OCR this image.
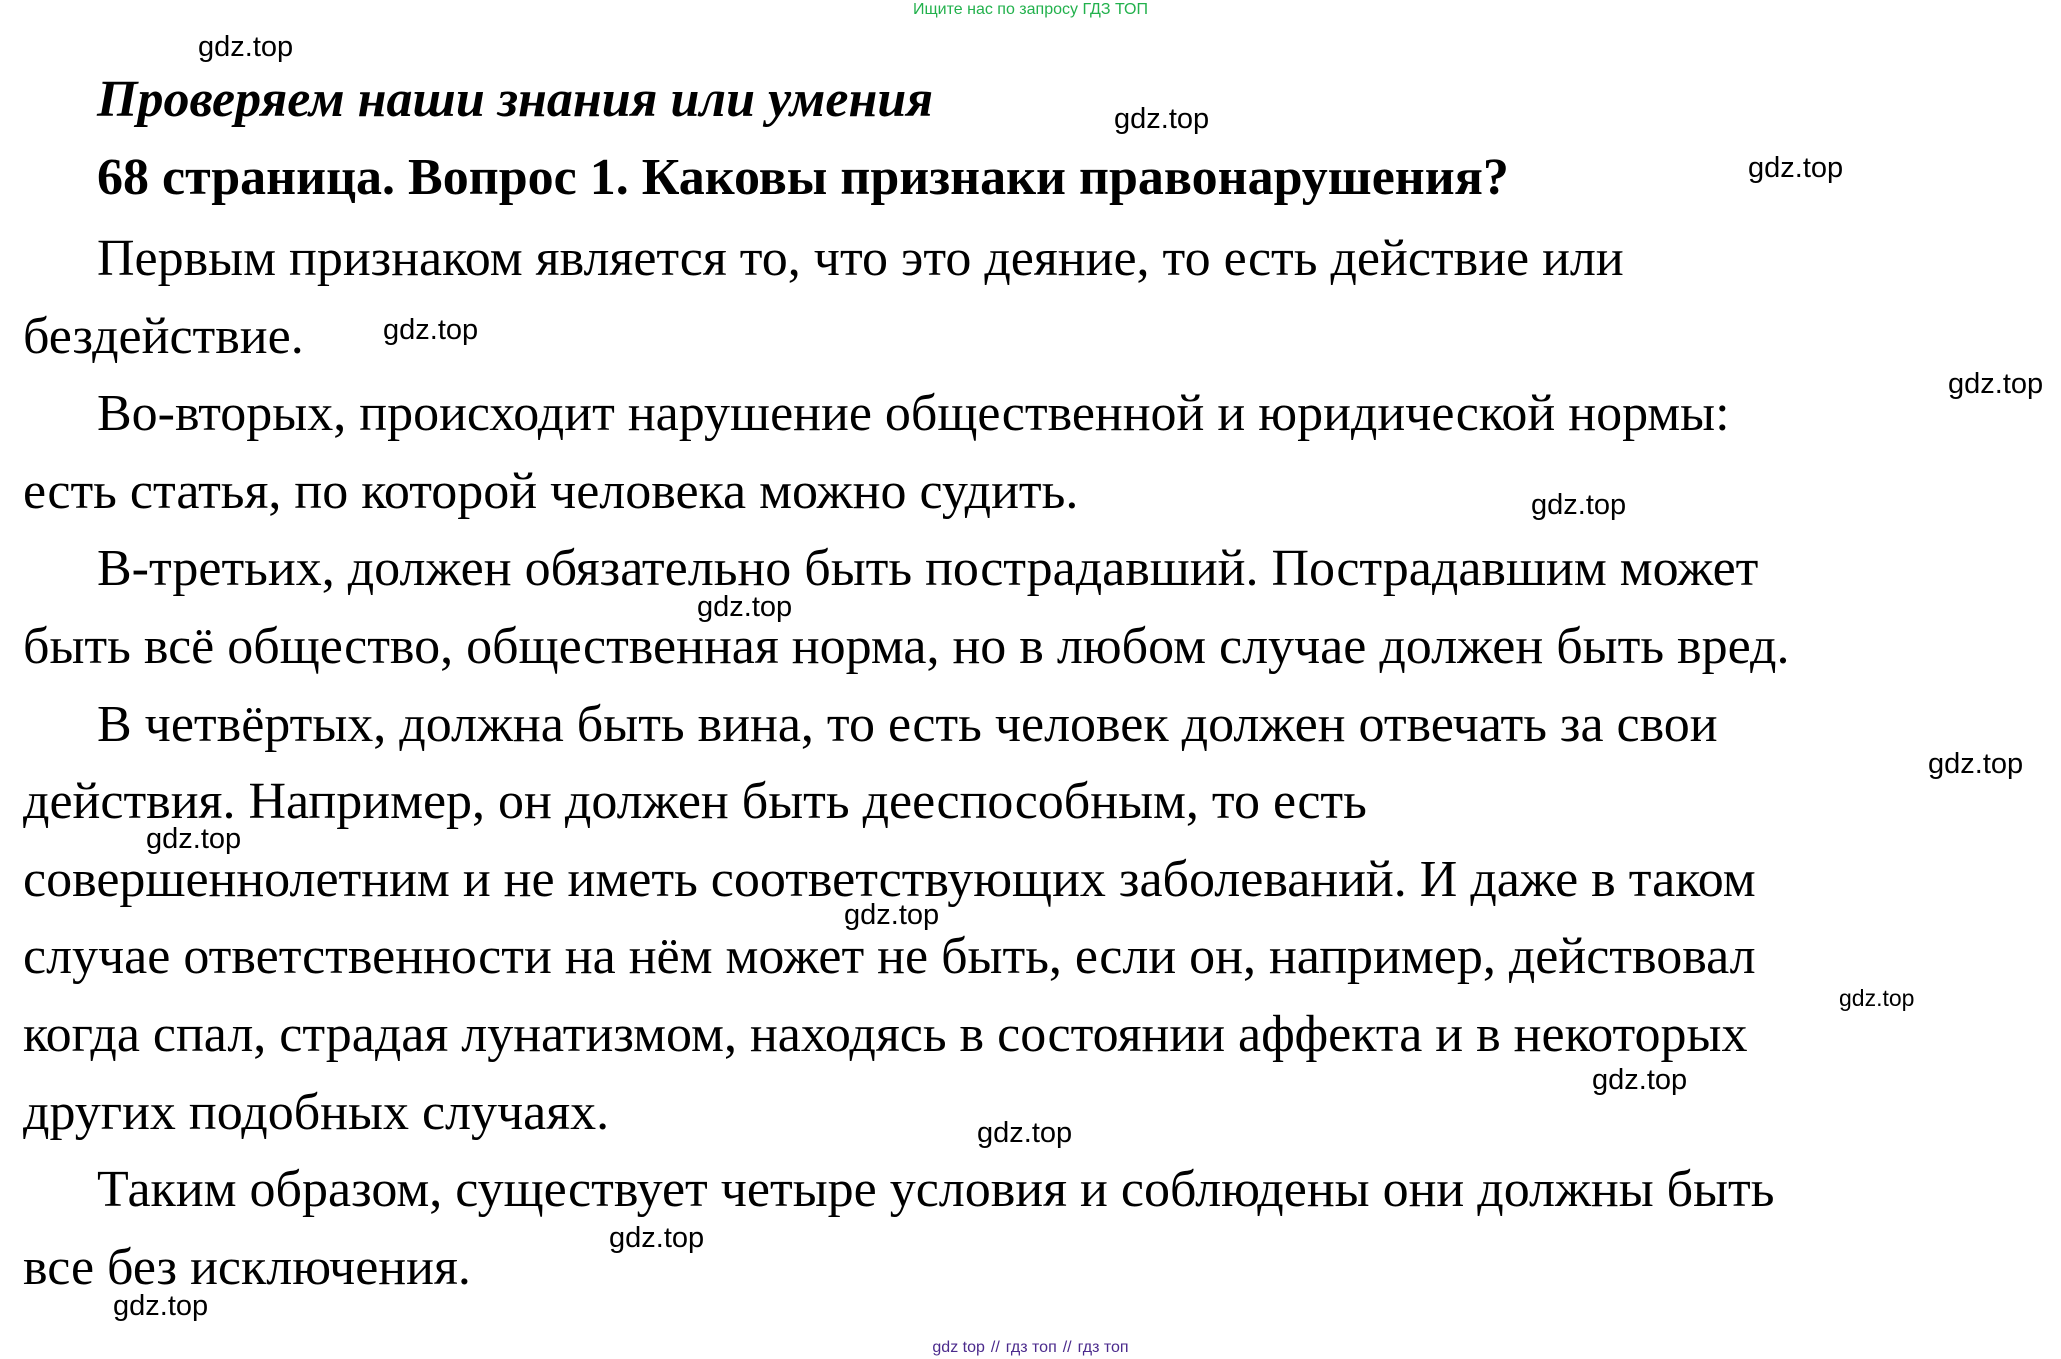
Ищите нас по запросу ГДЗ ТОП
Проверяем наши знания или умения
68 страница. Вопрос 1. Каковы признаки правонарушения?
Первым признаком является то, что это деяние, то есть действие или
бездействие.
Во-вторых, происходит нарушение общественной и юридической нормы:
есть статья, по которой человека можно судить.
В-третьих, должен обязательно быть пострадавший. Пострадавшим может
быть всё общество, общественная норма, но в любом случае должен быть вред.
В четвёртых, должна быть вина, то есть человек должен отвечать за свои
действия. Например, он должен быть дееспособным, то есть
совершеннолетним и не иметь соответствующих заболеваний. И даже в таком
случае ответственности на нём может не быть, если он, например, действовал
когда спал, страдая лунатизмом, находясь в состоянии аффекта и в некоторых
других подобных случаях.
Таким образом, существует четыре условия и соблюдены они должны быть
все без исключения.
gdz.top
gdz.top
gdz.top
gdz.top
gdz.top
gdz.top
gdz.top
gdz.top
gdz.top
gdz.top
gdz.top
gdz.top
gdz.top
gdz.top
gdz.top
gdz top // гдз топ // гдз топ
